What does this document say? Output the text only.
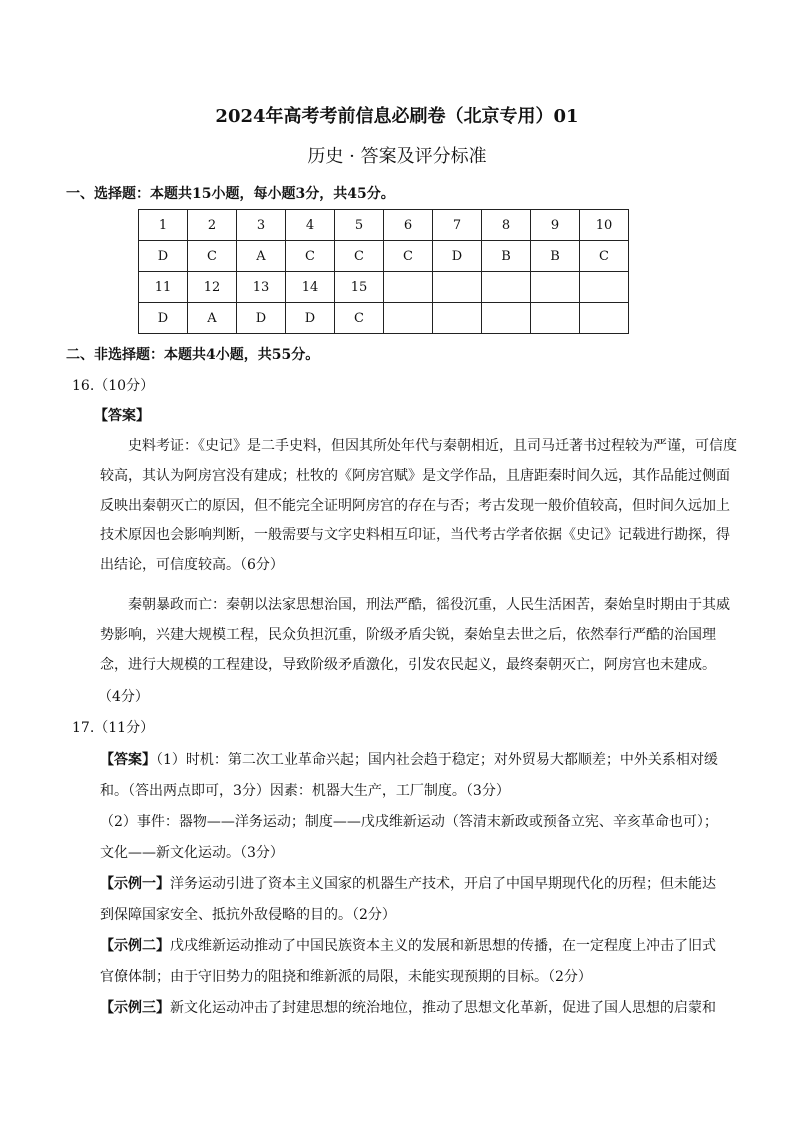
2024年高考考前信息必刷卷（北京专用）01
历史 · 答案及评分标准
一、选择题：本题共15小题，每小题3分，共45分。
1	2	3	4	5	6	7	8	9	10
D	C	A	C	C	C	D	B	B	C
11	12	13	14	15					
D	A	D	D	C					
二、非选择题：本题共4小题，共55分。
16.（10分）
【答案】

史料考证：《史记》是二手史料，但因其所处年代与秦朝相近，且司马迁著书过程较为严谨，可信度较高，其认为阿房宫没有建成；杜牧的《阿房宫赋》是文学作品，且唐距秦时间久远，其作品能过侧面反映出秦朝灭亡的原因，但不能完全证明阿房宫的存在与否；考古发现一般价值较高，但时间久远加上技术原因也会影响判断，一般需要与文字史料相互印证，当代考古学者依据《史记》记载进行勘探，得出结论，可信度较高。（6分）

秦朝暴政而亡：秦朝以法家思想治国，刑法严酷，徭役沉重，人民生活困苦，秦始皇时期由于其威势影响，兴建大规模工程，民众负担沉重，阶级矛盾尖锐，秦始皇去世之后，依然奉行严酷的治国理念，进行大规模的工程建设，导致阶级矛盾激化，引发农民起义，最终秦朝灭亡，阿房宫也未建成。

（4分）
17.（11分）
【答案】（1）时机：第二次工业革命兴起；国内社会趋于稳定；对外贸易大都顺差；中外关系相对缓
和。（答出两点即可，3分）因素：机器大生产，工厂制度。（3分）
（2）事件：器物——洋务运动；制度——戊戌维新运动（答清末新政或预备立宪、辛亥革命也可）；
文化——新文化运动。（3分）
【示例一】洋务运动引进了资本主义国家的机器生产技术，开启了中国早期现代化的历程；但未能达
到保障国家安全、抵抗外敌侵略的目的。（2分）
【示例二】戊戌维新运动推动了中国民族资本主义的发展和新思想的传播，在一定程度上冲击了旧式
官僚体制；由于守旧势力的阻挠和维新派的局限，未能实现预期的目标。（2分）
【示例三】新文化运动冲击了封建思想的统治地位，推动了思想文化革新，促进了国人思想的启蒙和
